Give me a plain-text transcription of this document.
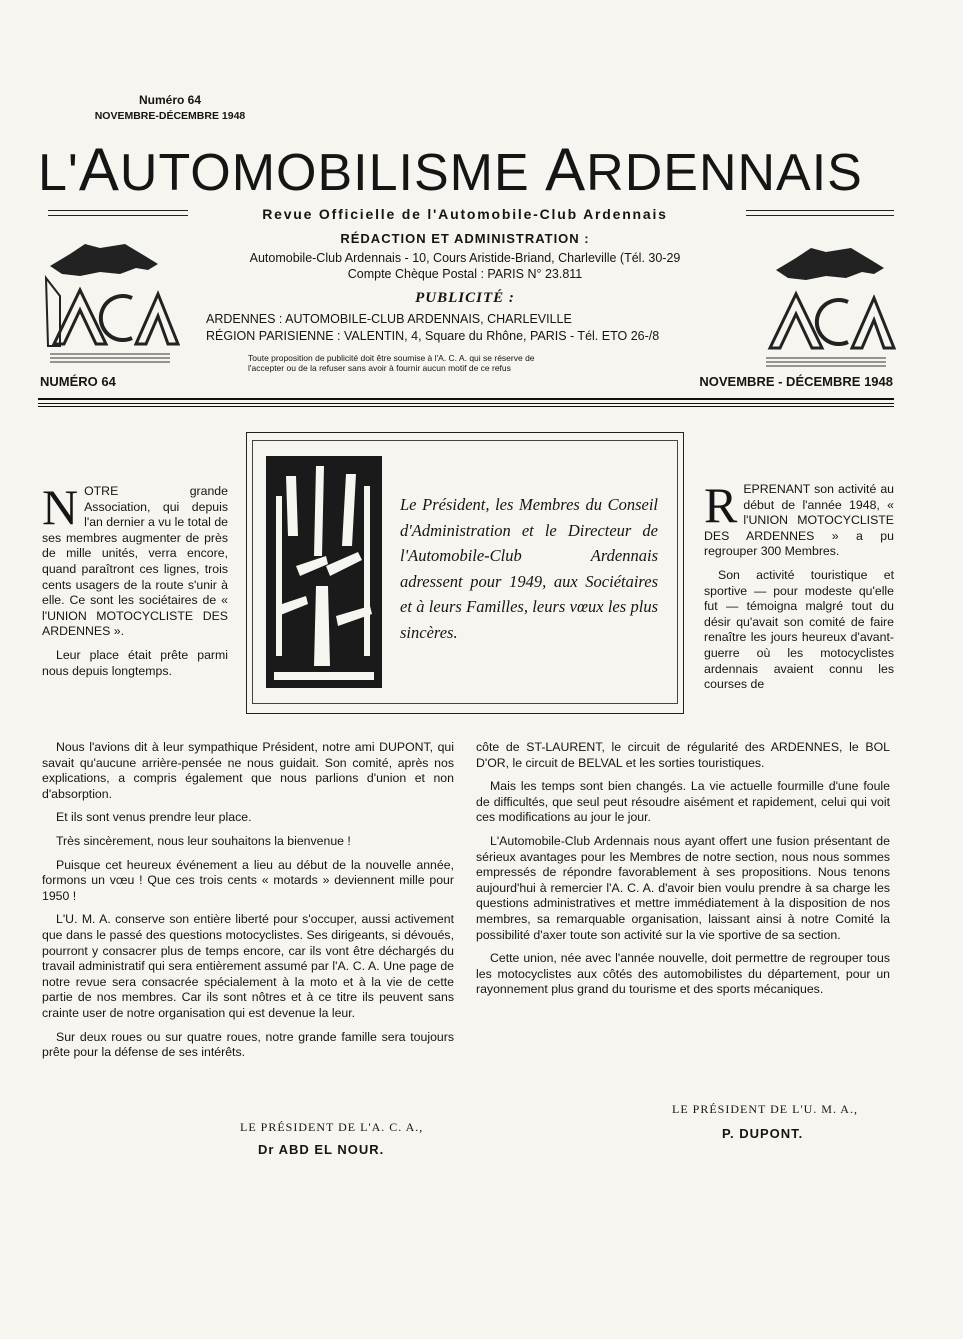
Numéro 64
NOVEMBRE-DÉCEMBRE 1948
L'AUTOMOBILISME ARDENNAIS
Revue Officielle de l'Automobile-Club Ardennais
RÉDACTION ET ADMINISTRATION :
Automobile-Club Ardennais - 10, Cours Aristide-Briand, Charleville (Tél. 30-29
Compte Chèque Postal : PARIS N° 23.811
PUBLICITÉ :
ARDENNES : AUTOMOBILE-CLUB ARDENNAIS, CHARLEVILLE
RÉGION PARISIENNE : VALENTIN, 4, Square du Rhône, PARIS - Tél. ETO 26-/8
Toute proposition de publicité doit être soumise à l'A. C. A. qui se réserve de
l'accepter ou de la refuser sans avoir à fournir aucun motif de ce refus
ACA
NUMÉRO 64	NOVEMBRE - DÉCEMBRE 1948
Le Président, les Membres du Conseil d'Administration et le Directeur de l'Automobile-Club Ardennais adressent pour 1949, aux Sociétaires et à leurs Familles, leurs vœux les plus sincères.

NOTRE grande Association, qui depuis l'an dernier a vu le total de ses membres augmenter de près de mille unités, verra encore, quand paraîtront ces lignes, trois cents usagers de la route s'unir à elle. Ce sont les sociétaires de « l'UNION MOTOCYCLISTE DES ARDENNES ».

Leur place était prête parmi nous depuis longtemps.

Nous l'avions dit à leur sympathique Président, notre ami DUPONT, qui savait qu'aucune arrière-pensée ne nous guidait. Son comité, après nos explications, a compris également que nous parlions d'union et non d'absorption.

Et ils sont venus prendre leur place.

Très sincèrement, nous leur souhaitons la bienvenue !

Puisque cet heureux événement a lieu au début de la nouvelle année, formons un vœu ! Que ces trois cents « motards » deviennent mille pour 1950 !

L'U. M. A. conserve son entière liberté pour s'occuper, aussi activement que dans le passé des questions motocyclistes. Ses dirigeants, si dévoués, pourront y consacrer plus de temps encore, car ils vont être déchargés du travail administratif qui sera entièrement assumé par l'A. C. A. Une page de notre revue sera consacrée spécialement à la moto et à la vie de cette partie de nos membres. Car ils sont nôtres et à ce titre ils peuvent sans crainte user de notre organisation qui est devenue la leur.

Sur deux roues ou sur quatre roues, notre grande famille sera toujours prête pour la défense de ses intérêts.

LE PRÉSIDENT DE L'A. C. A.,
Dr ABD EL NOUR.

REPRENANT son activité au début de l'année 1948, « l'UNION MOTOCYCLISTE DES ARDENNES » a pu regrouper 300 Membres.

Son activité touristique et sportive — pour modeste qu'elle fut — témoigna malgré tout du désir qu'avait son comité de faire renaître les jours heureux d'avant-guerre où les motocyclistes ardennais avaient connu les courses de

côte de ST-LAURENT, le circuit de régularité des ARDENNES, le BOL D'OR, le circuit de BELVAL et les sorties touristiques.

Mais les temps sont bien changés. La vie actuelle fourmille d'une foule de difficultés, que seul peut résoudre aisément et rapidement, celui qui voit ces modifications au jour le jour.

L'Automobile-Club Ardennais nous ayant offert une fusion présentant de sérieux avantages pour les Membres de notre section, nous nous sommes empressés de répondre favorablement à ses propositions. Nous tenons aujourd'hui à remercier l'A. C. A. d'avoir bien voulu prendre à sa charge les questions administratives et mettre immédiatement à la disposition de nos membres, sa remarquable organisation, laissant ainsi à notre Comité la possibilité d'axer toute son activité sur la vie sportive de sa section.

Cette union, née avec l'année nouvelle, doit permettre de regrouper tous les motocyclistes aux côtés des automobilistes du département, pour un rayonnement plus grand du tourisme et des sports mécaniques.

LE PRÉSIDENT DE L'U. M. A.,
P. DUPONT.
